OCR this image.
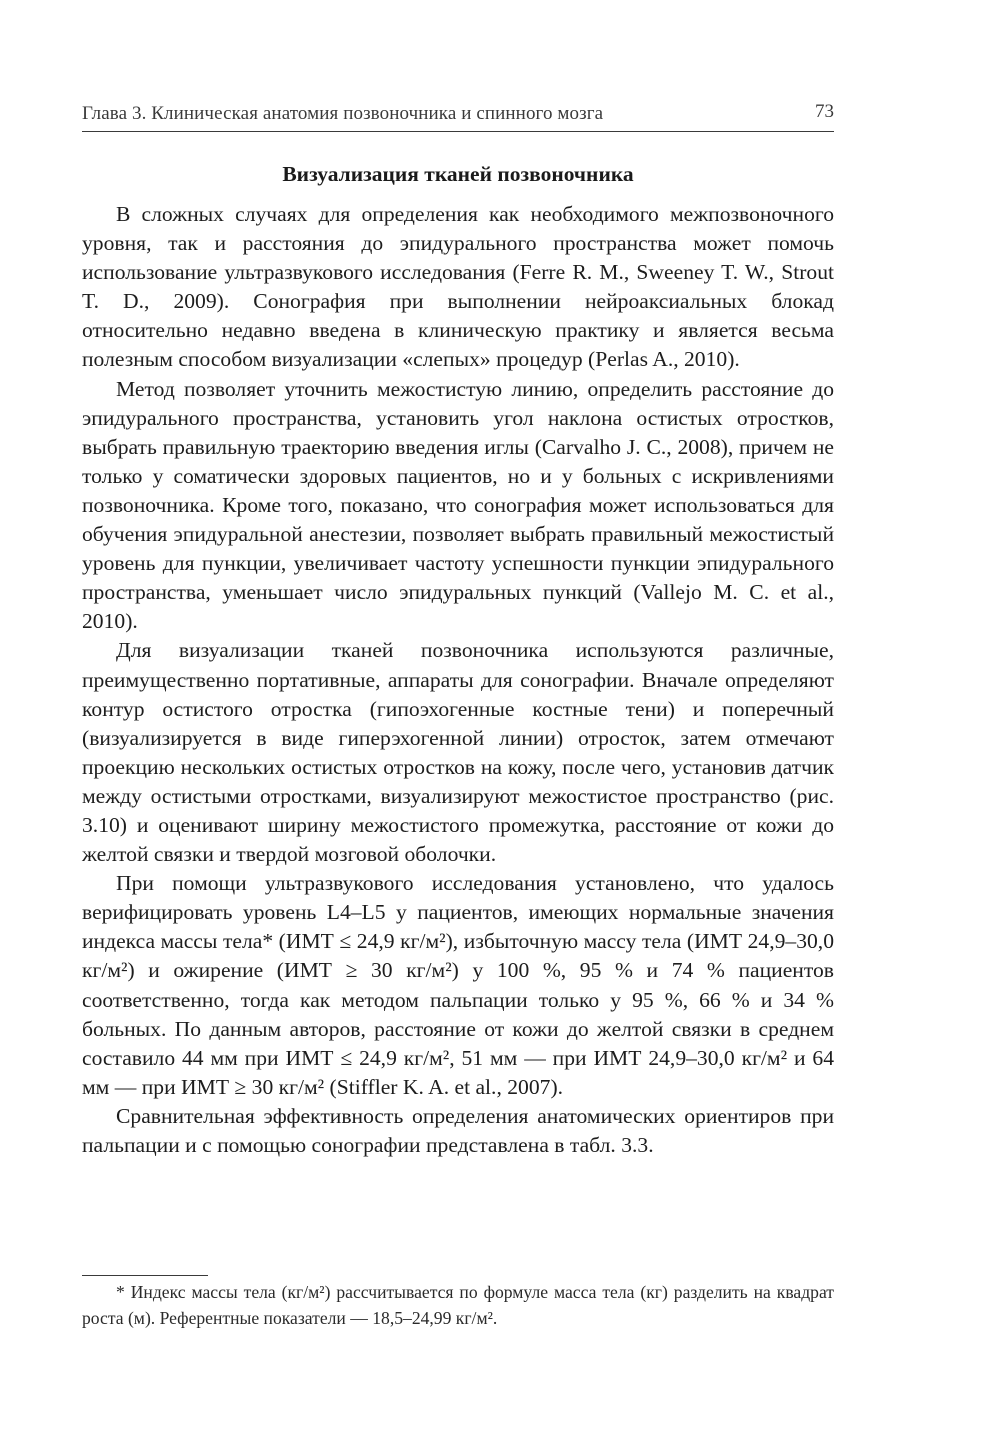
Глава 3. Клиническая анатомия позвоночника и спинного мозга	73
Визуализация тканей позвоночника

В сложных случаях для определения как необходимого межпозвоночного уровня, так и расстояния до эпидурального пространства может помочь использование ультразвукового исследования (Ferre R. M., Sweeney T. W., Strout T. D., 2009). Сонография при выполнении нейроаксиальных блокад относительно недавно введена в клиническую практику и является весьма полезным способом визуализации «слепых» процедур (Perlas A., 2010).

Метод позволяет уточнить межостистую линию, определить расстояние до эпидурального пространства, установить угол наклона остистых отростков, выбрать правильную траекторию введения иглы (Carvalho J. C., 2008), причем не только у соматически здоровых пациентов, но и у больных с искривлениями позвоночника. Кроме того, показано, что сонография может использоваться для обучения эпидуральной анестезии, позволяет выбрать правильный межостистый уровень для пункции, увеличивает частоту успешности пункции эпидурального пространства, уменьшает число эпидуральных пункций (Vallejo M. C. et al., 2010).

Для визуализации тканей позвоночника используются различные, преимущественно портативные, аппараты для сонографии. Вначале определяют контур остистого отростка (гипоэхогенные костные тени) и поперечный (визуализируется в виде гиперэхогенной линии) отросток, затем отмечают проекцию нескольких остистых отростков на кожу, после чего, установив датчик между остистыми отростками, визуализируют межостистое пространство (рис. 3.10) и оценивают ширину межостистого промежутка, расстояние от кожи до желтой связки и твердой мозговой оболочки.

При помощи ультразвукового исследования установлено, что удалось верифицировать уровень L4–L5 у пациентов, имеющих нормальные значения индекса массы тела* (ИМТ ≤ 24,9 кг/м²), избыточную массу тела (ИМТ 24,9–30,0 кг/м²) и ожирение (ИМТ ≥ 30 кг/м²) у 100 %, 95 % и 74 % пациентов соответственно, тогда как методом пальпации только у 95 %, 66 % и 34 % больных. По данным авторов, расстояние от кожи до желтой связки в среднем составило 44 мм при ИМТ ≤ 24,9 кг/м², 51 мм — при ИМТ 24,9–30,0 кг/м² и 64 мм — при ИМТ ≥ 30 кг/м² (Stiffler K. A. et al., 2007).

Сравнительная эффективность определения анатомических ориентиров при пальпации и с помощью сонографии представлена в табл. 3.3.

* Индекс массы тела (кг/м²) рассчитывается по формуле масса тела (кг) разделить на квадрат роста (м). Референтные показатели — 18,5–24,99 кг/м².
